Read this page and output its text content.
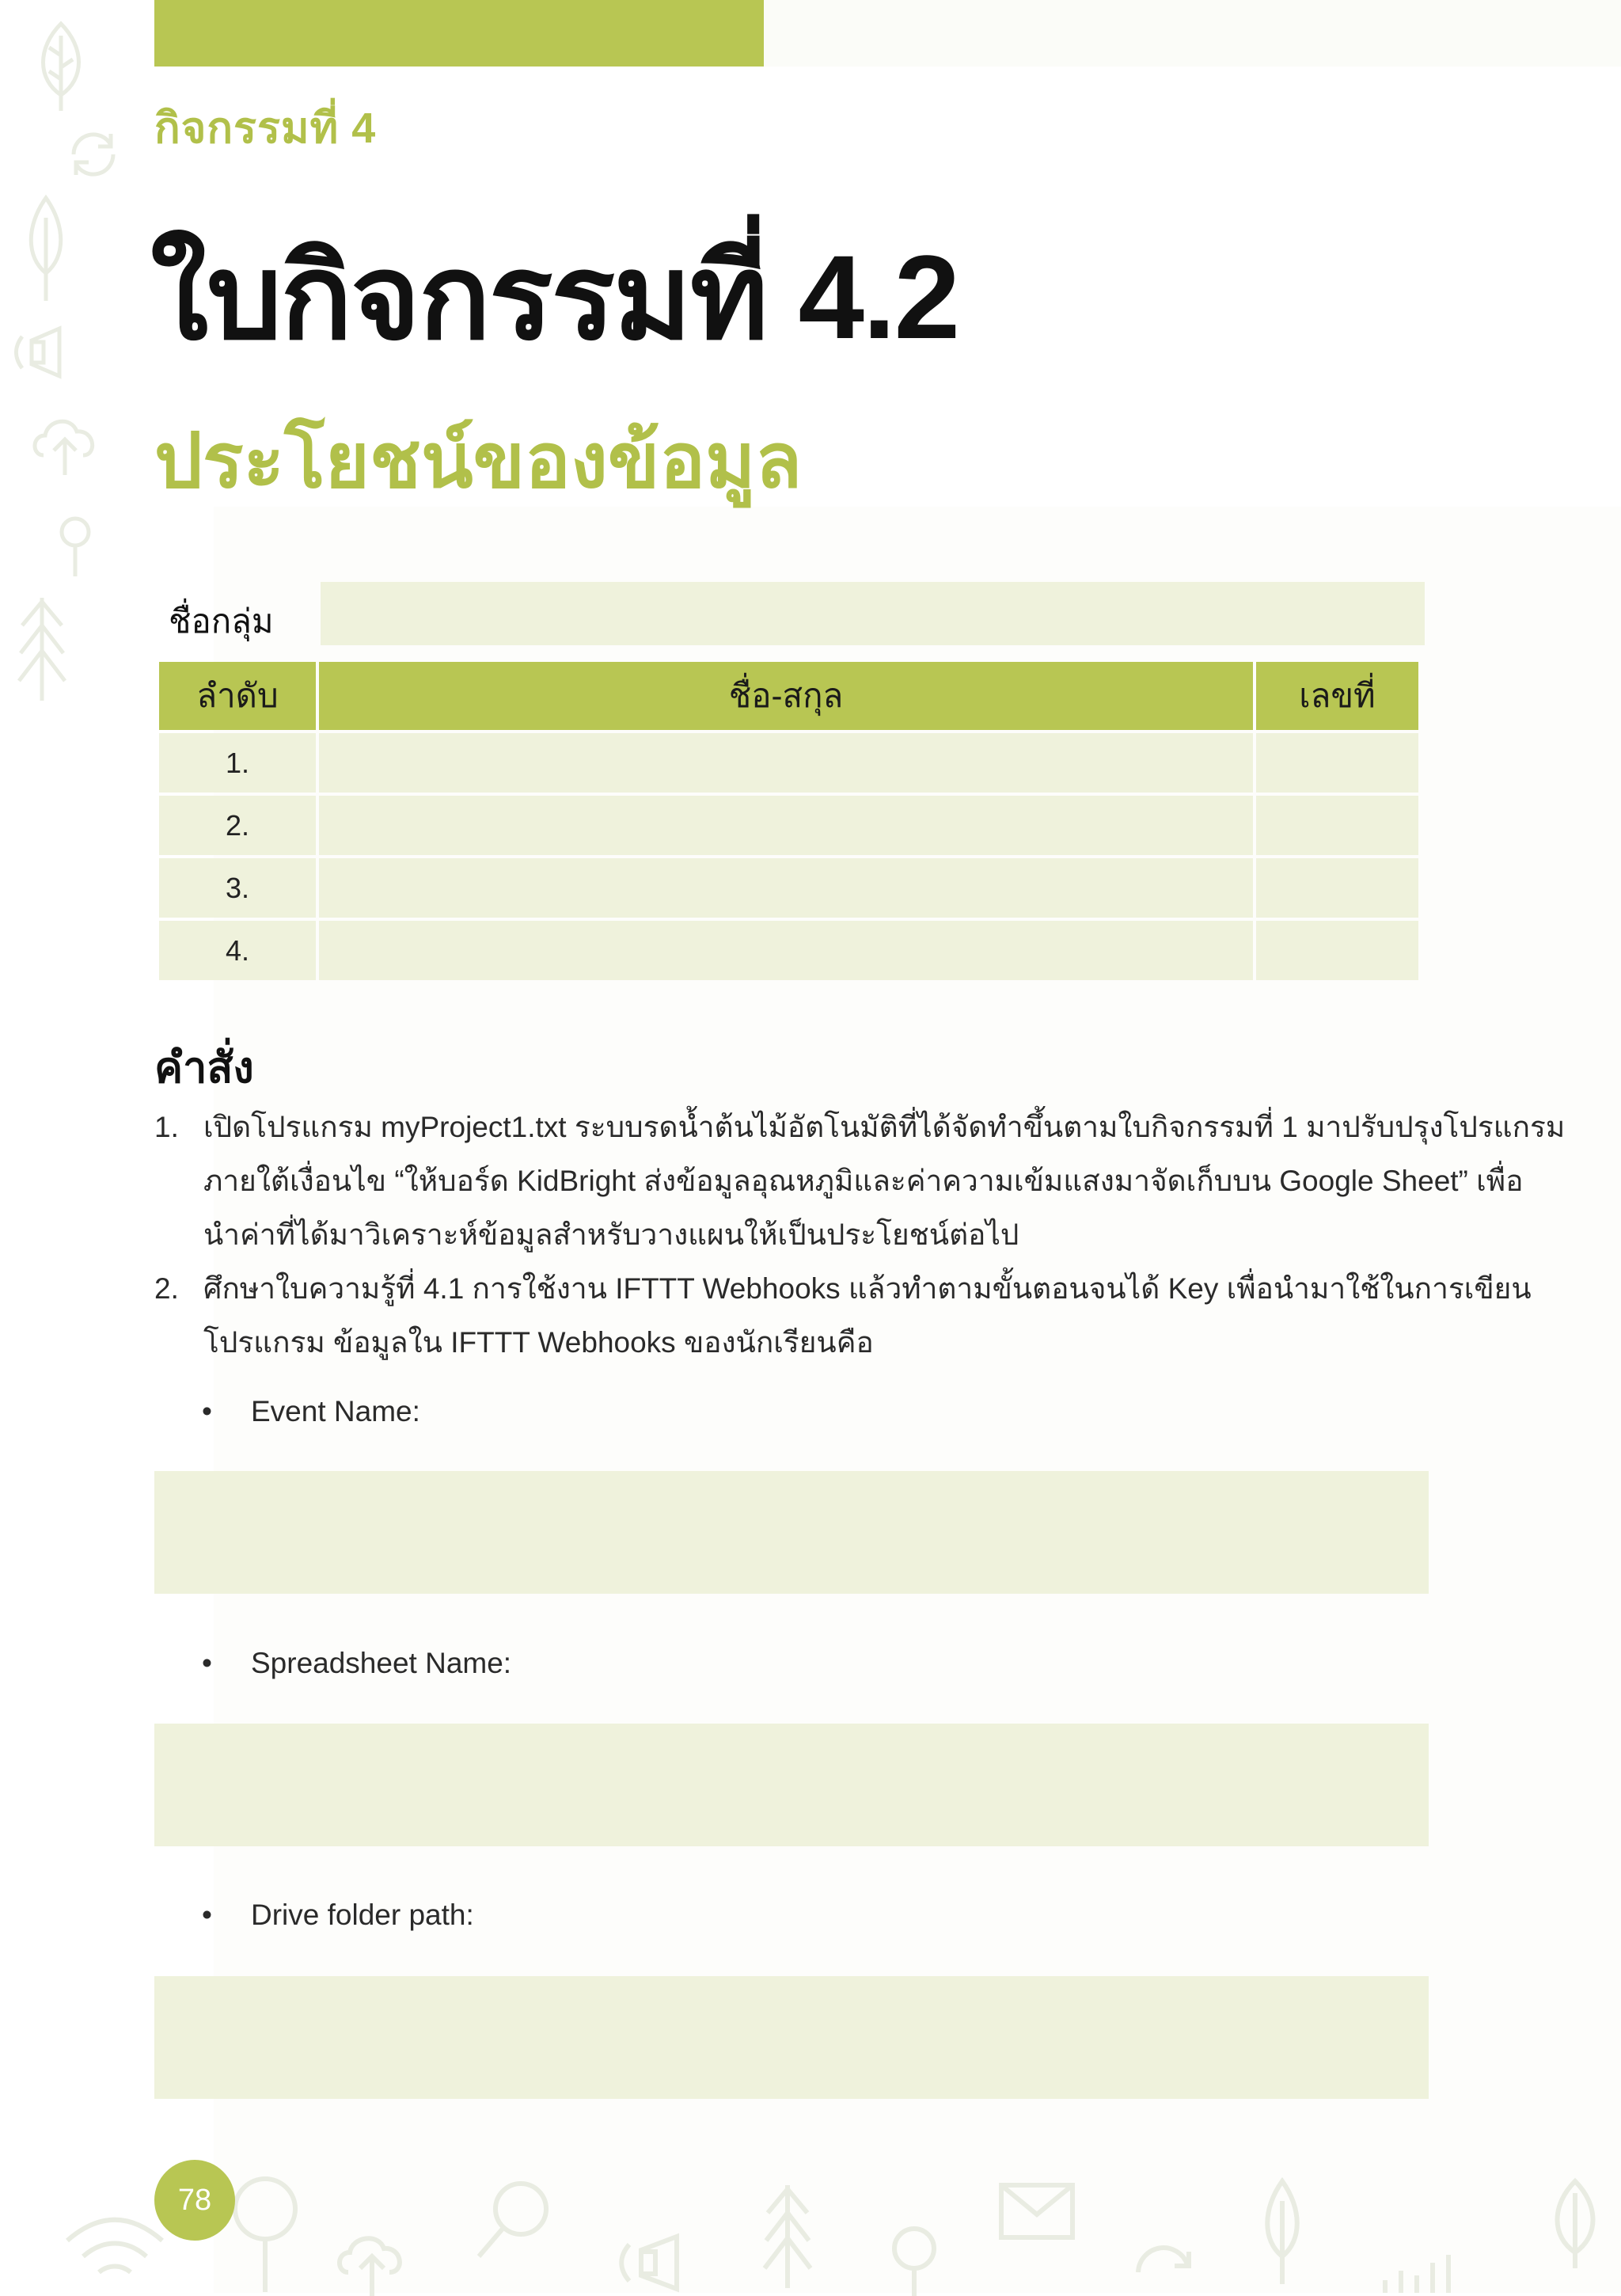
กิจกรรมที่ 4
ใบกิจกรรมที่ 4.2
ประโยชน์ของข้อมูล
ชื่อกลุ่ม
ลำดับ	ชื่อ-สกุล	เลขที่
1.		
2.		
3.		
4.		
คำสั่ง
1. เปิดโปรแกรม myProject1.txt ระบบรดน้ำต้นไม้อัตโนมัติที่ได้จัดทำขึ้นตามใบกิจกรรมที่ 1 มาปรับปรุงโปรแกรม
ภายใต้เงื่อนไข “ให้บอร์ด KidBright ส่งข้อมูลอุณหภูมิและค่าความเข้มแสงมาจัดเก็บบน Google Sheet” เพื่อ
นำค่าที่ได้มาวิเคราะห์ข้อมูลสำหรับวางแผนให้เป็นประโยชน์ต่อไป
2. ศึกษาใบความรู้ที่ 4.1 การใช้งาน IFTTT Webhooks แล้วทำตามขั้นตอนจนได้ Key เพื่อนำมาใช้ในการเขียน
โปรแกรม ข้อมูลใน IFTTT Webhooks ของนักเรียนคือ
• Event Name:
• Spreadsheet Name:
• Drive folder path:
78
